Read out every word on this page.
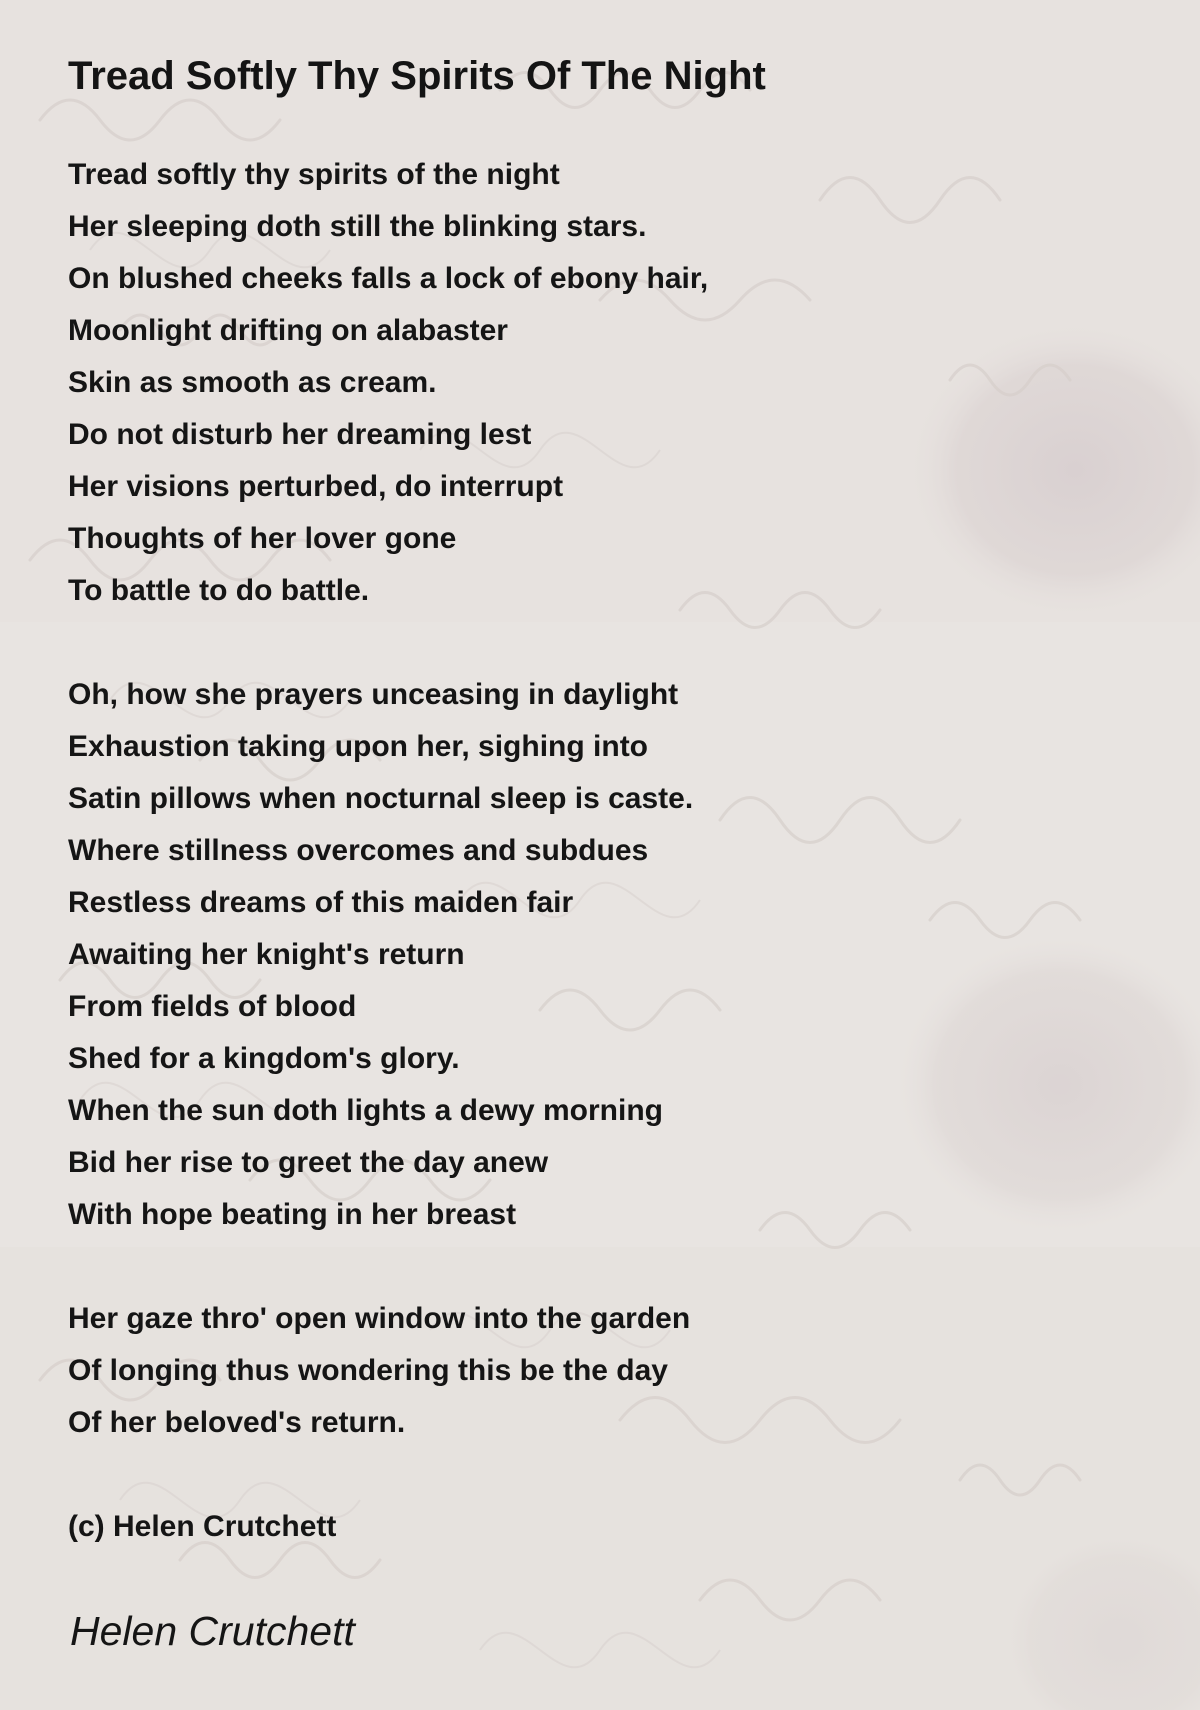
Tread Softly Thy Spirits Of The Night
Tread softly thy spirits of the night
Her sleeping doth still the blinking stars.
On blushed cheeks falls a lock of ebony hair,
Moonlight drifting on alabaster
Skin as smooth as cream.
Do not disturb her dreaming lest
Her visions perturbed, do interrupt
Thoughts of her lover gone
To battle to do battle.
Oh, how she prayers unceasing in daylight
Exhaustion taking upon her, sighing into
Satin pillows when nocturnal sleep is caste.
Where stillness overcomes and subdues
Restless dreams of this maiden fair
Awaiting her knight's return
From fields of blood
Shed for a kingdom's glory.
When the sun doth lights a dewy morning
Bid her rise to greet the day anew
With hope beating in her breast
Her gaze thro' open window into the garden
Of longing thus wondering this be the day
Of her beloved's return.
(c) Helen Crutchett
Helen Crutchett
